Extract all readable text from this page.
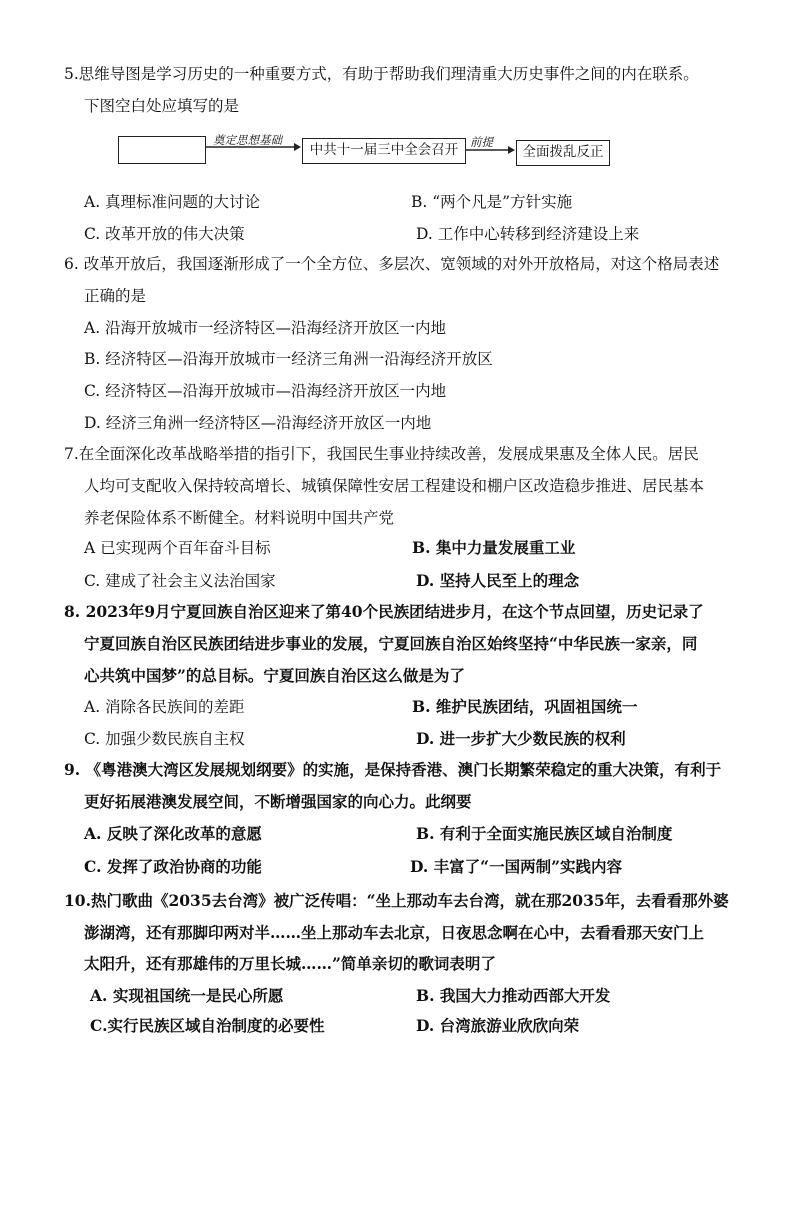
5.思维导图是学习历史的一种重要方式，有助于帮助我们理清重大历史事件之间的内在联系。
下图空白处应填写的是
奠定思想基础
中共十一届三中全会召开	前提
全面拨乱反正
A. 真理标准问题的大讨论	B. “两个凡是”方针实施
C. 改革开放的伟大决策	D. 工作中心转移到经济建设上来
6. 改革开放后，我国逐渐形成了一个全方位、多层次、宽领域的对外开放格局，对这个格局表述
正确的是
A. 沿海开放城市一经济特区—沿海经济开放区一内地
B. 经济特区—沿海开放城市一经济三角洲一沿海经济开放区
C. 经济特区—沿海开放城市—沿海经济开放区一内地
D. 经济三角洲一经济特区—沿海经济开放区一内地
7.在全面深化改革战略举措的指引下，我国民生事业持续改善，发展成果惠及全体人民。居民
人均可支配收入保持较高增长、城镇保障性安居工程建设和棚户区改造稳步推进、居民基本
养老保险体系不断健全。材料说明中国共产党
A 已实现两个百年奋斗目标	B. 集中力量发展重工业
C. 建成了社会主义法治国家	D. 坚持人民至上的理念
8. 2023年9月宁夏回族自治区迎来了第40个民族团结进步月，在这个节点回望，历史记录了
宁夏回族自治区民族团结进步事业的发展，宁夏回族自治区始终坚持“中华民族一家亲，同
心共筑中国梦”的总目标。宁夏回族自治区这么做是为了
A. 消除各民族间的差距	B. 维护民族团结，巩固祖国统一
C. 加强少数民族自主权	D. 进一步扩大少数民族的权利
9. 《粤港澳大湾区发展规划纲要》的实施，是保持香港、澳门长期繁荣稳定的重大决策，有利于
更好拓展港澳发展空间，不断增强国家的向心力。此纲要
A. 反映了深化改革的意愿	B. 有利于全面实施民族区域自治制度
C. 发挥了政治协商的功能	D. 丰富了“一国两制”实践内容
10.热门歌曲《2035去台湾》被广泛传唱：“坐上那动车去台湾，就在那2035年，去看看那外婆
澎湖湾，还有那脚印两对半……坐上那动车去北京，日夜思念啊在心中，去看看那天安门上
太阳升，还有那雄伟的万里长城……”简单亲切的歌词表明了
A. 实现祖国统一是民心所愿	B. 我国大力推动西部大开发
C.实行民族区域自治制度的必要性	D. 台湾旅游业欣欣向荣
